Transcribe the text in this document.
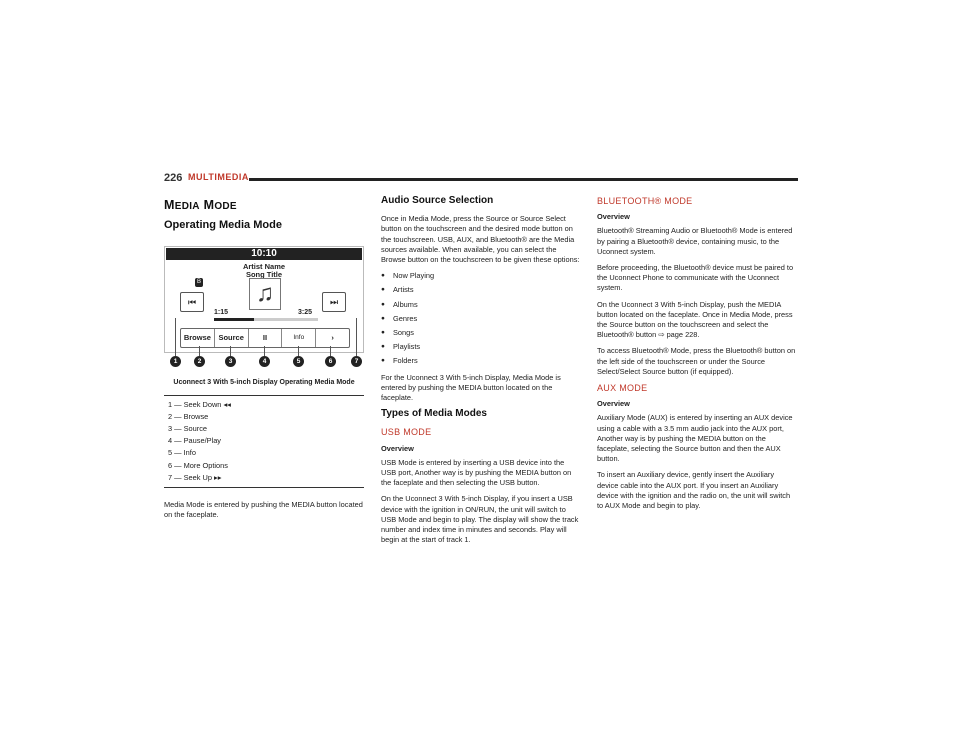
226 MULTIMEDIA
MEDIA MODE
Operating Media Mode
10:10
Artist Name
Song Title
B ♫
⏮	⏭
1:15	3:25
Browse	Source	II	Info	›
1	2	3	4	5	6	7
Uconnect 3 With 5-inch Display Operating Media Mode
1 — Seek Down ◂◂
2 — Browse
3 — Source
4 — Pause/Play
5 — Info
6 — More Options
7 — Seek Up ▸▸

Media Mode is entered by pushing the MEDIA button located on the faceplate.

Audio Source Selection

Once in Media Mode, press the Source or Source Select button on the touchscreen and the desired mode button on the touchscreen. USB, AUX, and Bluetooth® are the Media sources available. When available, you can select the Browse button on the touchscreen to be given these options:

● Now Playing
● Artists
● Albums
● Genres
● Songs
● Playlists
● Folders

For the Uconnect 3 With 5-inch Display, Media Mode is entered by pushing the MEDIA button located on the faceplate.

Types of Media Modes
USB MODE
Overview

USB Mode is entered by inserting a USB device into the USB port, Another way is by pushing the MEDIA button on the faceplate and then selecting the USB button.

On the Uconnect 3 With 5-inch Display, if you insert a USB device with the ignition in ON/RUN, the unit will switch to USB Mode and begin to play. The display will show the track number and index time in minutes and seconds. Play will begin at the start of track 1.

BLUETOOTH® MODE
Overview

Bluetooth® Streaming Audio or Bluetooth® Mode is entered by pairing a Bluetooth® device, containing music, to the Uconnect system.

Before proceeding, the Bluetooth® device must be paired to the Uconnect Phone to communicate with the Uconnect system.

On the Uconnect 3 With 5-inch Display, push the MEDIA button located on the faceplate. Once in Media Mode, press the Source button on the touchscreen and select the Bluetooth® button ⇨ page 228.

To access Bluetooth® Mode, press the Bluetooth® button on the left side of the touchscreen or under the Source Select/Select Source button (if equipped).

AUX MODE
Overview

Auxiliary Mode (AUX) is entered by inserting an AUX device using a cable with a 3.5 mm audio jack into the AUX port, Another way is by pushing the MEDIA button on the faceplate, selecting the Source button and then the AUX button.

To insert an Auxiliary device, gently insert the Auxiliary device cable into the AUX port. If you insert an Auxiliary device with the ignition and the radio on, the unit will switch to AUX Mode and begin to play.
